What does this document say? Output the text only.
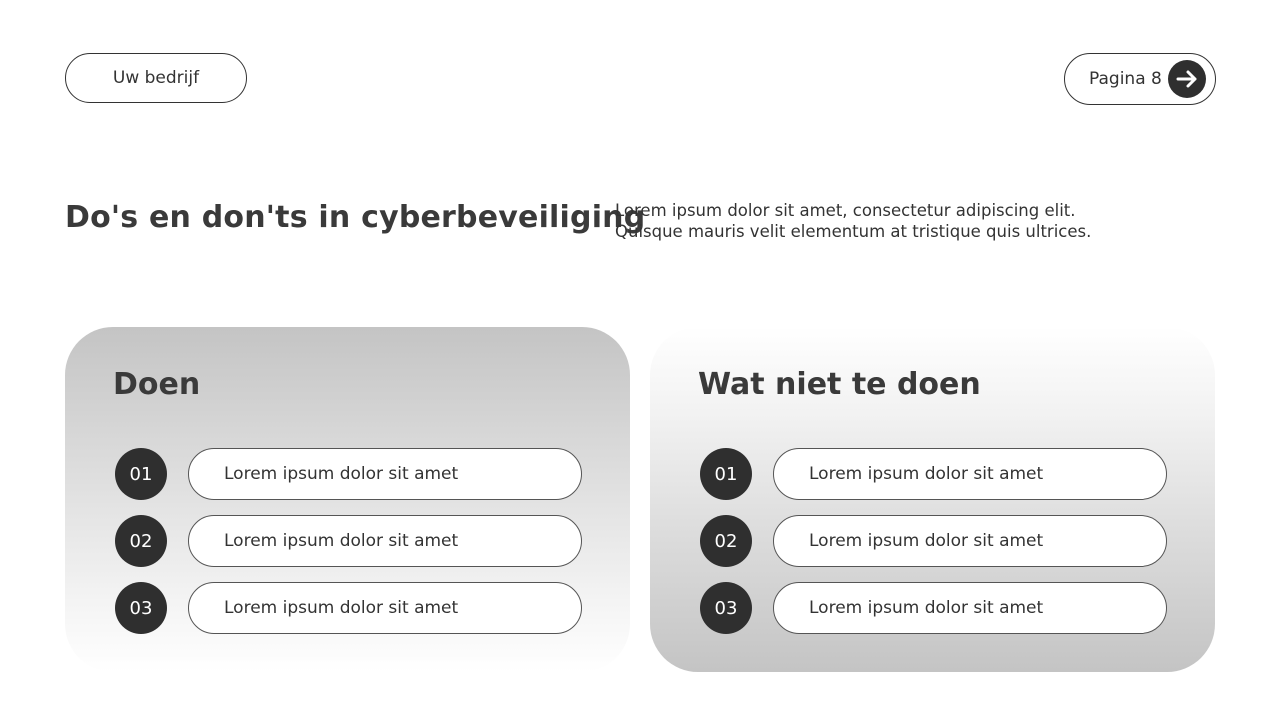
Uw bedrijf	Pagina 8
Do's en don'ts in cyberbeveiliging
Lorem ipsum dolor sit amet, consectetur adipiscing elit.
Quisque mauris velit elementum at tristique quis ultrices.
Doen
01	Lorem ipsum dolor sit amet
02	Lorem ipsum dolor sit amet
03	Lorem ipsum dolor sit amet
Wat niet te doen
01	Lorem ipsum dolor sit amet
02	Lorem ipsum dolor sit amet
03	Lorem ipsum dolor sit amet
